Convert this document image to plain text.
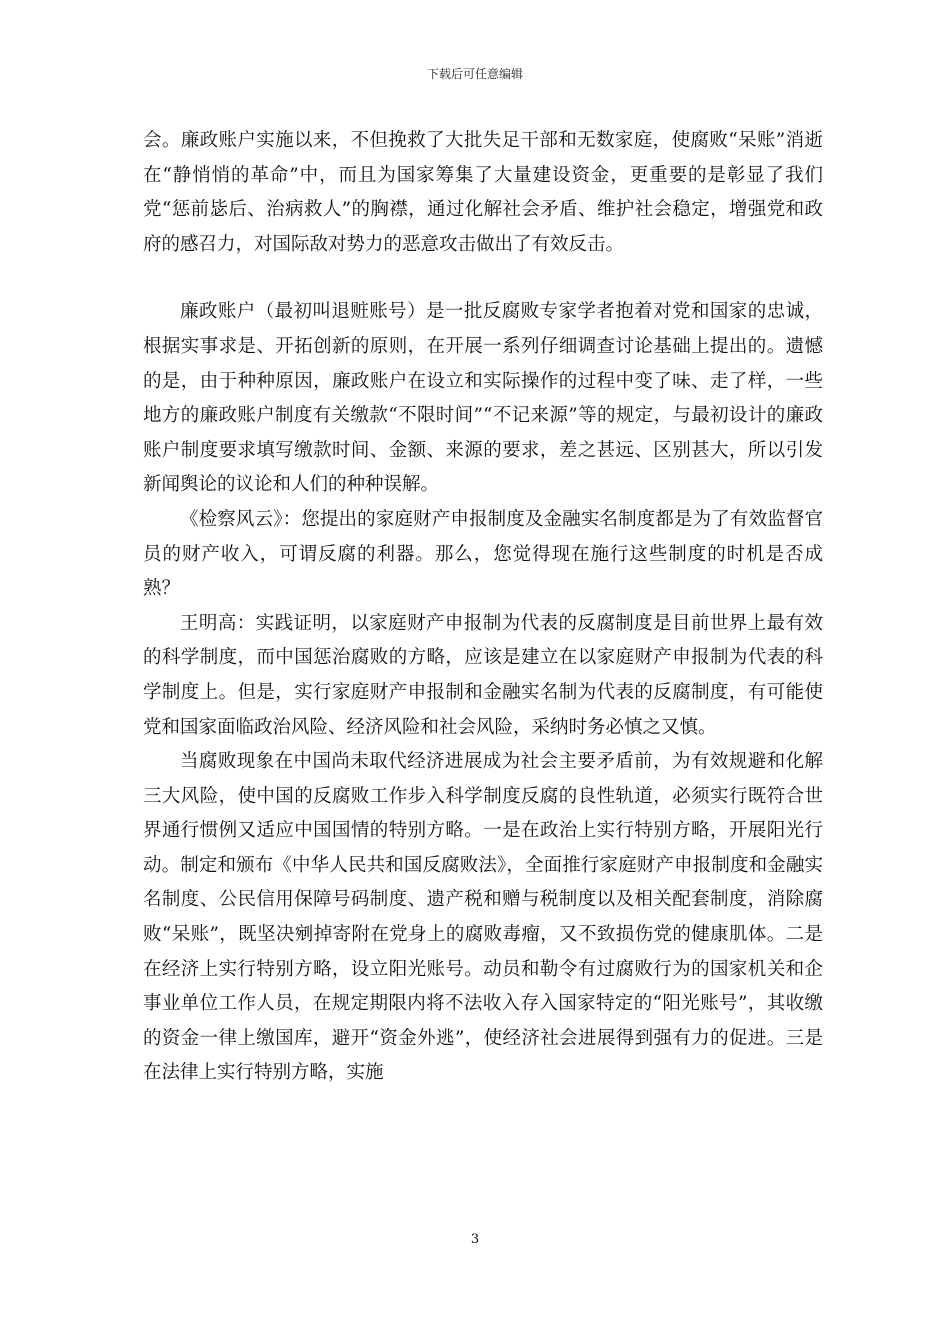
下载后可任意编辑

会。廉政账户实施以来，不但挽救了大批失足干部和无数家庭，使腐败“呆账”消逝在“静悄悄的革命”中，而且为国家筹集了大量建设资金，更重要的是彰显了我们党“惩前毖后、治病救人”的胸襟，通过化解社会矛盾、维护社会稳定，增强党和政府的感召力，对国际敌对势力的恶意攻击做出了有效反击。

廉政账户（最初叫退赃账号）是一批反腐败专家学者抱着对党和国家的忠诚，根据实事求是、开拓创新的原则，在开展一系列仔细调查讨论基础上提出的。遗憾的是，由于种种原因，廉政账户在设立和实际操作的过程中变了味、走了样，一些地方的廉政账户制度有关缴款“不限时间”“不记来源”等的规定，与最初设计的廉政账户制度要求填写缴款时间、金额、来源的要求，差之甚远、区别甚大，所以引发新闻舆论的议论和人们的种种误解。

《检察风云》：您提出的家庭财产申报制度及金融实名制度都是为了有效监督官员的财产收入，可谓反腐的利器。那么，您觉得现在施行这些制度的时机是否成熟？

王明高：实践证明，以家庭财产申报制为代表的反腐制度是目前世界上最有效的科学制度，而中国惩治腐败的方略，应该是建立在以家庭财产申报制为代表的科学制度上。但是，实行家庭财产申报制和金融实名制为代表的反腐制度，有可能使党和国家面临政治风险、经济风险和社会风险，采纳时务必慎之又慎。

当腐败现象在中国尚未取代经济进展成为社会主要矛盾前，为有效规避和化解三大风险，使中国的反腐败工作步入科学制度反腐的良性轨道，必须实行既符合世界通行惯例又适应中国国情的特别方略。一是在政治上实行特别方略，开展阳光行动。制定和颁布《中华人民共和国反腐败法》，全面推行家庭财产申报制度和金融实名制度、公民信用保障号码制度、遗产税和赠与税制度以及相关配套制度，消除腐败“呆账”，既坚决剜掉寄附在党身上的腐败毒瘤，又不致损伤党的健康肌体。二是在经济上实行特别方略，设立阳光账号。动员和勒令有过腐败行为的国家机关和企事业单位工作人员，在规定期限内将不法收入存入国家特定的“阳光账号”，其收缴的资金一律上缴国库，避开“资金外逃”，使经济社会进展得到强有力的促进。三是在法律上实行特别方略，实施

3
